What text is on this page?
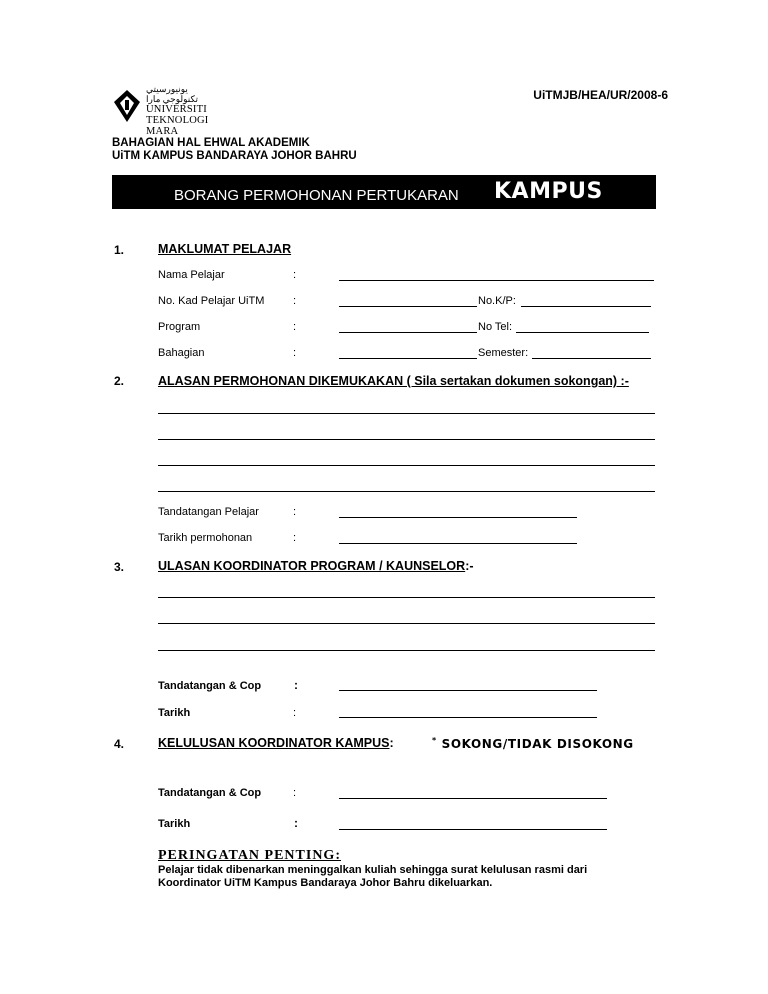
ﯾﻮﻧﻴﻮﺭﺳﻴﺘﻲ ﺗﻜﻨﻮﻟﻮﺟﻲ ﻣﺎﺭﺍ
UNIVERSITI
TEKNOLOGI
MARA
UiTMJB/HEA/UR/2008-6
BAHAGIAN HAL EHWAL AKADEMIK
UiTM KAMPUS BANDARAYA JOHOR BAHRU
BORANG PERMOHONAN PERTUKARAN KAMPUS
1.	MAKLUMAT PELAJAR
Nama Pelajar	:
No. Kad Pelajar UiTM	:	No.K/P:
Program	:	No Tel:
Bahagian	:	Semester:
2.	ALASAN PERMOHONAN DIKEMUKAKAN ( Sila sertakan dokumen sokongan) :-
Tandatangan Pelajar	:
Tarikh permohonan	:
3.	ULASAN KOORDINATOR PROGRAM / KAUNSELOR:-
Tandatangan & Cop	:
Tarikh	:
4.	KELULUSAN KOORDINATOR KAMPUS:	* SOKONG/TIDAK DISOKONG
Tandatangan & Cop	:
Tarikh	:
PERINGATAN PENTING:
Pelajar tidak dibenarkan meninggalkan kuliah sehingga surat kelulusan rasmi dari
Koordinator UiTM Kampus Bandaraya Johor Bahru dikeluarkan.
